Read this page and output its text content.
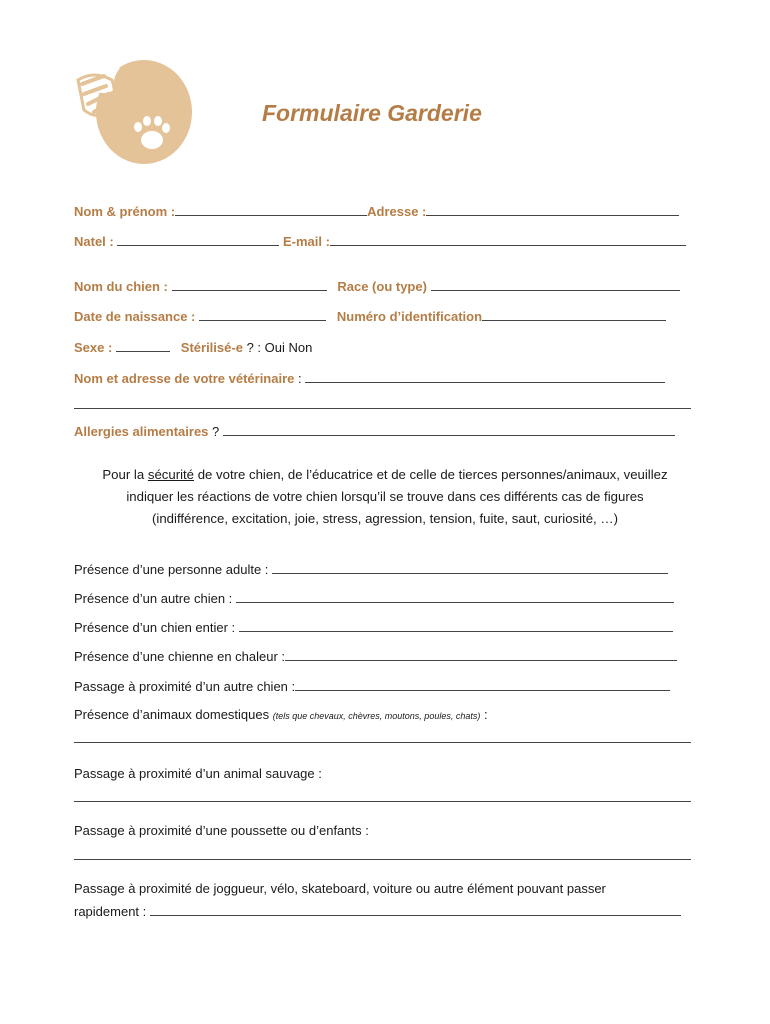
Formulaire Garderie
Nom & prénom :	Adresse :
Natel :	E-mail :
Nom du chien :	Race (ou type)
Date de naissance :	Numéro d’identification
Sexe :	Stérilisé-e ? : Oui Non
Nom et adresse de votre vétérinaire :
Allergies alimentaires ?
Pour la sécurité de votre chien, de l’éducatrice et de celle de tierces personnes/animaux, veuillez
indiquer les réactions de votre chien lorsqu’il se trouve dans ces différents cas de figures
(indifférence, excitation, joie, stress, agression, tension, fuite, saut, curiosité, …)
Présence d’une personne adulte :
Présence d’un autre chien :
Présence d’un chien entier :
Présence d’une chienne en chaleur :
Passage à proximité d’un autre chien :
Présence d’animaux domestiques (tels que chevaux, chèvres, moutons, poules, chats) :
Passage à proximité d’un animal sauvage :
Passage à proximité d’une poussette ou d’enfants :
Passage à proximité de joggueur, vélo, skateboard, voiture ou autre élément pouvant passer
rapidement :
